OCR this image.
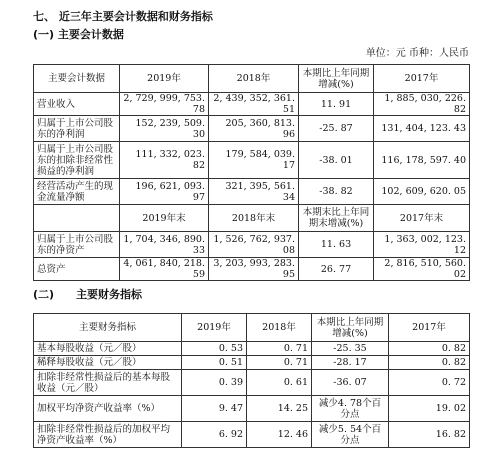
七、 近三年主要会计数据和财务指标
(一) 主要会计数据
单位：元 币种：人民币
主要会计数据	2019年	2018年	本期比上年同期增减(%)	2017年
营业收入	2, 729, 999, 753. 78	2, 439, 352, 361. 51	11. 91	1, 885, 030, 226. 82
归属于上市公司股东的净利润	152, 239, 509. 30	205, 360, 813. 96	-25. 87	131, 404, 123. 43
归属于上市公司股东的扣除非经常性损益的净利润	111, 332, 023. 82	179, 584, 039. 17	-38. 01	116, 178, 597. 40
经营活动产生的现金流量净额	196, 621, 093. 97	321, 395, 561. 34	-38. 82	102, 609, 620. 05
	2019年末	2018年末	本期末比上年同期末增减(%)	2017年末
归属于上市公司股东的净资产	1, 704, 346, 890. 33	1, 526, 762, 937. 08	11. 63	1, 363, 002, 123. 12
总资产	4, 061, 840, 218. 59	3, 203, 993, 283. 95	26. 77	2, 816, 510, 560. 02
(二) 主要财务指标
主要财务指标	2019年	2018年	本期比上年同期增减(%)	2017年
基本每股收益（元／股）	0. 53	0. 71	-25. 35	0. 82
稀释每股收益（元／股）	0. 51	0. 71	-28. 17	0. 82
扣除非经常性损益后的基本每股收益（元／股）	0. 39	0. 61	-36. 07	0. 72
加权平均净资产收益率（%）	9. 47	14. 25	减少4. 78个百分点	19. 02
扣除非经常性损益后的加权平均净资产收益率（%）	6. 92	12. 46	减少5. 54个百分点	16. 82
